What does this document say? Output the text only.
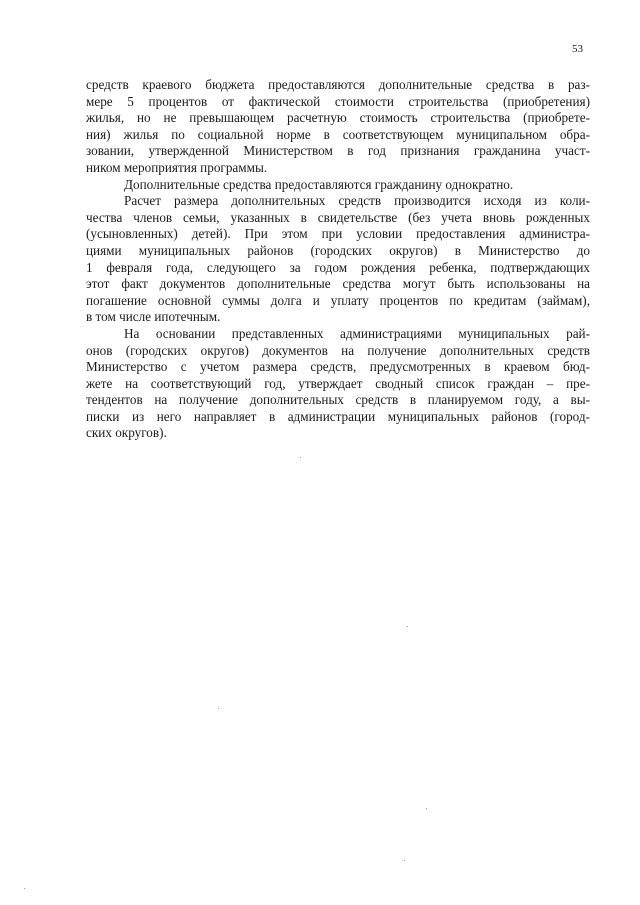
53
средств краевого бюджета предоставляются дополнительные средства в раз-
мере 5 процентов от фактической стоимости строительства (приобретения)
жилья, но не превышающем расчетную стоимость строительства (приобрете-
ния) жилья по социальной норме в соответствующем муниципальном обра-
зовании, утвержденной Министерством в год признания гражданина участ-
ником мероприятия программы.
Дополнительные средства предоставляются гражданину однократно.
Расчет размера дополнительных средств производится исходя из коли-
чества членов семьи, указанных в свидетельстве (без учета вновь рожденных
(усыновленных) детей). При этом при условии предоставления администра-
циями муниципальных районов (городских округов) в Министерство до
1 февраля года, следующего за годом рождения ребенка, подтверждающих
этот факт документов дополнительные средства могут быть использованы на
погашение основной суммы долга и уплату процентов по кредитам (займам),
в том числе ипотечным.
На основании представленных администрациями муниципальных рай-
онов (городских округов) документов на получение дополнительных средств
Министерство с учетом размера средств, предусмотренных в краевом бюд-
жете на соответствующий год, утверждает сводный список граждан – пре-
тендентов на получение дополнительных средств в планируемом году, а вы-
писки из него направляет в администрации муниципальных районов (город-
ских округов).
